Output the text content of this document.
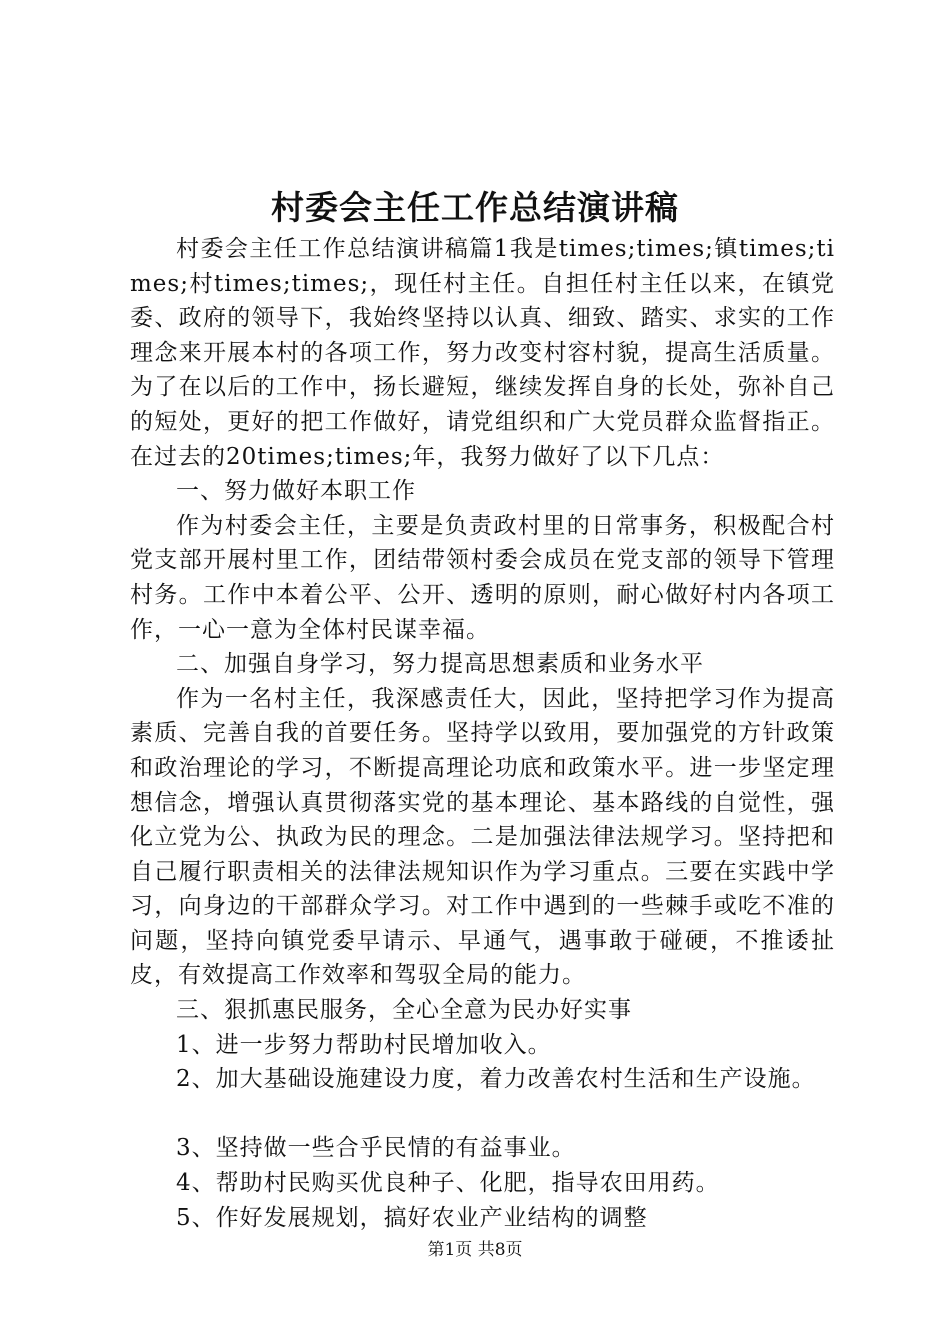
村委会主任工作总结演讲稿

村委会主任工作总结演讲稿篇1我是times;times;镇times;times;村times;times;，现任村主任。自担任村主任以来，在镇党委、政府的领导下，我始终坚持以认真、细致、踏实、求实的工作理念来开展本村的各项工作，努力改变村容村貌，提高生活质量。为了在以后的工作中，扬长避短，继续发挥自身的长处，弥补自己的短处，更好的把工作做好，请党组织和广大党员群众监督指正。在过去的20times;times;年，我努力做好了以下几点：

一、努力做好本职工作

作为村委会主任，主要是负责政村里的日常事务，积极配合村党支部开展村里工作，团结带领村委会成员在党支部的领导下管理村务。工作中本着公平、公开、透明的原则，耐心做好村内各项工作，一心一意为全体村民谋幸福。

二、加强自身学习，努力提高思想素质和业务水平

作为一名村主任，我深感责任大，因此，坚持把学习作为提高素质、完善自我的首要任务。坚持学以致用，要加强党的方针政策和政治理论的学习，不断提高理论功底和政策水平。进一步坚定理想信念，增强认真贯彻落实党的基本理论、基本路线的自觉性，强化立党为公、执政为民的理念。二是加强法律法规学习。坚持把和自己履行职责相关的法律法规知识作为学习重点。三要在实践中学习，向身边的干部群众学习。对工作中遇到的一些棘手或吃不准的问题，坚持向镇党委早请示、早通气，遇事敢于碰硬，不推诿扯皮，有效提高工作效率和驾驭全局的能力。

三、狠抓惠民服务，全心全意为民办好实事

1、进一步努力帮助村民增加收入。

2、加大基础设施建设力度，着力改善农村生活和生产设施。

3、坚持做一些合乎民情的有益事业。

4、帮助村民购买优良种子、化肥，指导农田用药。

5、作好发展规划，搞好农业产业结构的调整

第1页 共8页
